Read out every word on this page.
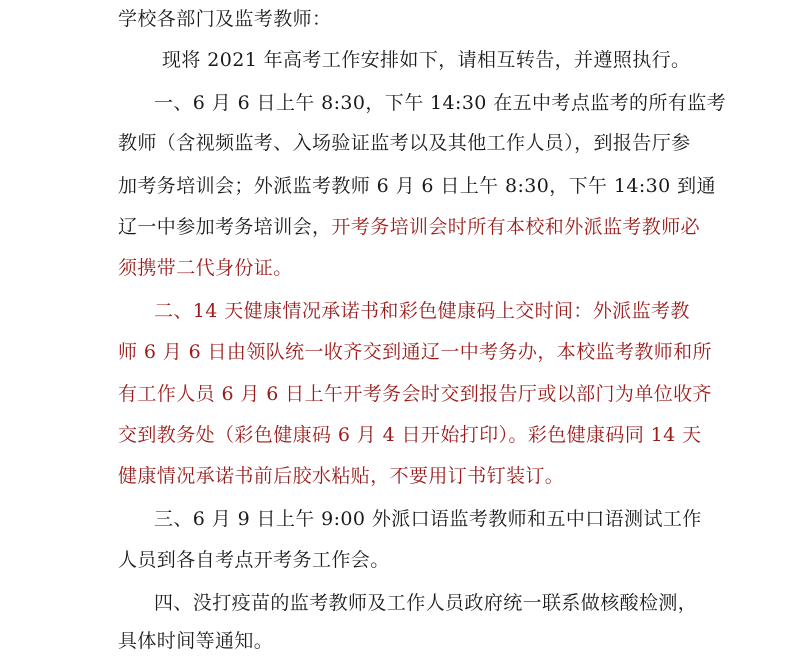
学校各部门及监考教师：
现将 2021 年高考工作安排如下，请相互转告，并遵照执行。
一、6 月 6 日上午 8:30，下午 14:30 在五中考点监考的所有监考
教师（含视频监考、入场验证监考以及其他工作人员），到报告厅参
加考务培训会；外派监考教师 6 月 6 日上午 8:30，下午 14:30 到通
辽一中参加考务培训会，开考务培训会时所有本校和外派监考教师必
须携带二代身份证。
二、14 天健康情况承诺书和彩色健康码上交时间：外派监考教
师 6 月 6 日由领队统一收齐交到通辽一中考务办，本校监考教师和所
有工作人员 6 月 6 日上午开考务会时交到报告厅或以部门为单位收齐
交到教务处（彩色健康码 6 月 4 日开始打印）。彩色健康码同 14 天
健康情况承诺书前后胶水粘贴，不要用订书钉装订。
三、6 月 9 日上午 9:00 外派口语监考教师和五中口语测试工作
人员到各自考点开考务工作会。
四、没打疫苗的监考教师及工作人员政府统一联系做核酸检测，
具体时间等通知。
